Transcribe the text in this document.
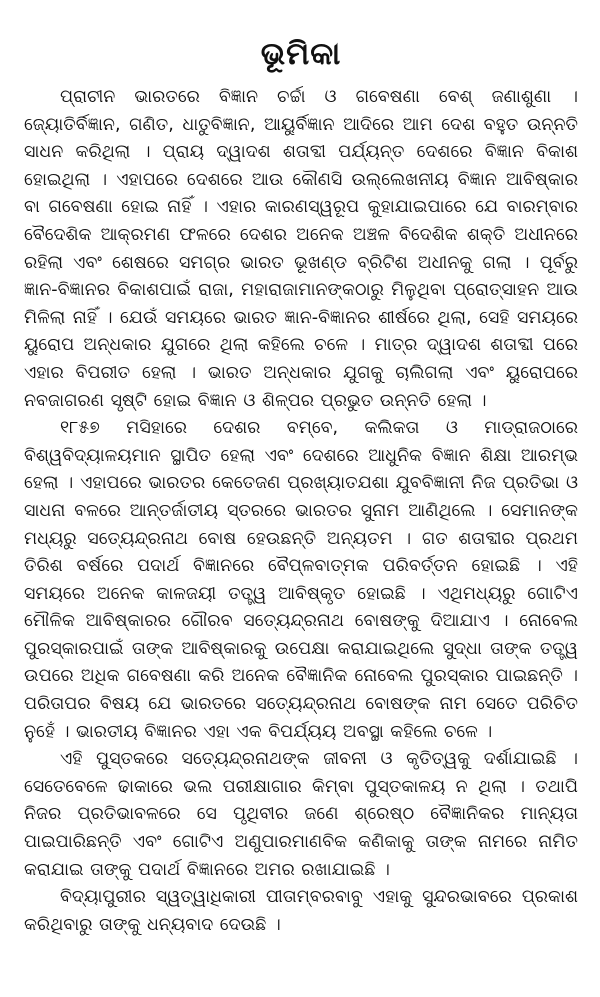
ଭୂମିକା

ପ୍ରାଚୀନ ଭାରତରେ ବିଜ୍ଞାନ ଚର୍ଚ୍ଚା ଓ ଗବେଷଣା ବେଶ୍ ଜଣାଶୁଣା । ଜ୍ୟୋତିର୍ବିଜ୍ଞାନ, ଗଣିତ, ଧାତୁବିଜ୍ଞାନ, ଆୟୁର୍ବିଜ୍ଞାନ ଆଦିରେ ଆମ ଦେଶ ବହୁତ ଉନ୍ନତି ସାଧନ କରିଥିଲା । ପ୍ରାୟ ଦ୍ୱାଦଶ ଶତାବ୍ଦୀ ପର୍ଯ୍ୟନ୍ତ ଦେଶରେ ବିଜ୍ଞାନ ବିକାଶ ହୋଇଥିଲା । ଏହାପରେ ଦେଶରେ ଆଉ କୌଣସି ଉଲ୍ଲେଖନୀୟ ବିଜ୍ଞାନ ଆବିଷ୍କାର ବା ଗବେଷଣା ହୋଇ ନାହିଁ । ଏହାର କାରଣସ୍ୱରୂପ କୁହାଯାଇପାରେ ଯେ ବାରମ୍ବାର ବୈଦେଶିକ ଆକ୍ରମଣ ଫଳରେ ଦେଶର ଅନେକ ଅଞ୍ଚଳ ବିଦେଶିକ ଶକ୍ତି ଅଧୀନରେ ରହିଲା ଏବଂ ଶେଷରେ ସମଗ୍ର ଭାରତ ଭୂଖଣ୍ଡ ବ୍ରିଟିଶ ଅଧୀନକୁ ଗଲା । ପୂର୍ବରୁ ଜ୍ଞାନ-ବିଜ୍ଞାନର ବିକାଶପାଇଁ ରାଜା, ମହାରାଜାମାନଙ୍କଠାରୁ ମିଳୁଥିବା ପ୍ରୋତ୍ସାହନ ଆଉ ମିଳିଲା ନାହିଁ । ଯେଉଁ ସମୟରେ ଭାରତ ଜ୍ଞାନ-ବିଜ୍ଞାନର ଶୀର୍ଷରେ ଥିଲା, ସେହି ସମୟରେ ୟୁରୋପ ଅନ୍ଧକାର ଯୁଗରେ ଥିଲା କହିଲେ ଚଳେ । ମାତ୍ର ଦ୍ୱାଦଶ ଶତାବ୍ଦୀ ପରେ ଏହାର ବିପରୀତ ହେଲା । ଭାରତ ଅନ୍ଧକାର ଯୁଗକୁ ଚାଲିଗଲା ଏବଂ ୟୁରୋପରେ ନବଜାଗରଣ ସୃଷ୍ଟି ହୋଇ ବିଜ୍ଞାନ ଓ ଶିଳ୍ପର ପ୍ରଭୁତ ଉନ୍ନତି ହେଲା ।

୧୮୫୭ ମସିହାରେ ଦେଶର ବମ୍ବେ, କଲିକତା ଓ ମାଡ୍ରାଜଠାରେ ବିଶ୍ୱବିଦ୍ୟାଳୟମାନ ସ୍ଥାପିତ ହେଲା ଏବଂ ଦେଶରେ ଆଧୁନିକ ବିଜ୍ଞାନ ଶିକ୍ଷା ଆରମ୍ଭ ହେଲା । ଏହାପରେ ଭାରତର କେତେଜଣ ପ୍ରଖ୍ୟାତଯଶା ଯୁବବିଜ୍ଞାନୀ ନିଜ ପ୍ରତିଭା ଓ ସାଧନା ବଳରେ ଆନ୍ତର୍ଜାତୀୟ ସ୍ତରରେ ଭାରତର ସୁନାମ ଆଣିଥିଲେ । ସେମାନଙ୍କ ମଧ୍ୟରୁ ସତ୍ୟେନ୍ଦ୍ରନାଥ ବୋଷ ହେଉଛନ୍ତି ଅନ୍ୟତମ । ଗତ ଶତାବ୍ଦୀର ପ୍ରଥମ ତିରିଶ ବର୍ଷରେ ପଦାର୍ଥ ବିଜ୍ଞାନରେ ବୈପ୍ଳବାତ୍ମକ ପରିବର୍ତ୍ତନ ହୋଇଛି । ଏହି ସମୟରେ ଅନେକ କାଳଜୟୀ ତତ୍ତ୍ୱ ଆବିଷ୍କୃତ ହୋଇଛି । ଏଥିମଧ୍ୟରୁ ଗୋଟିଏ ମୌଳିକ ଆବିଷ୍କାରର ଗୌରବ ସତ୍ୟେନ୍ଦ୍ରନାଥ ବୋଷଙ୍କୁ ଦିଆଯାଏ । ନୋବେଲ ପୁରସ୍କାରପାଇଁ ତାଙ୍କ ଆବିଷ୍କାରକୁ ଉପେକ୍ଷା କରାଯାଇଥିଲେ ସୁଦ୍ଧା ତାଙ୍କ ତତ୍ତ୍ୱ ଉପରେ ଅଧିକ ଗବେଷଣା କରି ଅନେକ ବୈଜ୍ଞାନିକ ନୋବେଲ ପୁରସ୍କାର ପାଇଛନ୍ତି । ପରିତାପର ବିଷୟ ଯେ ଭାରତରେ ସତ୍ୟେନ୍ଦ୍ରନାଥ ବୋଷଙ୍କ ନାମ ସେତେ ପରିଚିତ ନୁହେଁ । ଭାରତୀୟ ବିଜ୍ଞାନର ଏହା ଏକ ବିପର୍ଯ୍ୟୟ ଅବସ୍ଥା କହିଲେ ଚଳେ ।

ଏହି ପୁସ୍ତକରେ ସତ୍ୟେନ୍ଦ୍ରନାଥଙ୍କ ଜୀବନୀ ଓ କୃତିତ୍ୱକୁ ଦର୍ଶାଯାଇଛି । ସେତେବେଳେ ଢାକାରେ ଭଲ ପରୀକ୍ଷାଗାର କିମ୍ବା ପୁସ୍ତକାଳୟ ନ ଥିଲା । ତଥାପି ନିଜର ପ୍ରତିଭାବଳରେ ସେ ପୃଥିବୀର ଜଣେ ଶ୍ରେଷ୍ଠ ବୈଜ୍ଞାନିକର ମାନ୍ୟତା ପାଇପାରିଛନ୍ତି ଏବଂ ଗୋଟିଏ ଅଣୁପାରମାଣବିକ କଣିକାକୁ ତାଙ୍କ ନାମରେ ନାମିତ କରାଯାଇ ତାଙ୍କୁ ପଦାର୍ଥ ବିଜ୍ଞାନରେ ଅମର ରଖାଯାଇଛି ।

ବିଦ୍ୟାପୁରୀର ସ୍ୱତ୍ୱାଧିକାରୀ ପୀତାମ୍ବରବାବୁ ଏହାକୁ ସୁନ୍ଦରଭାବରେ ପ୍ରକାଶ କରିଥିବାରୁ ତାଙ୍କୁ ଧନ୍ୟବାଦ ଦେଉଛି ।
